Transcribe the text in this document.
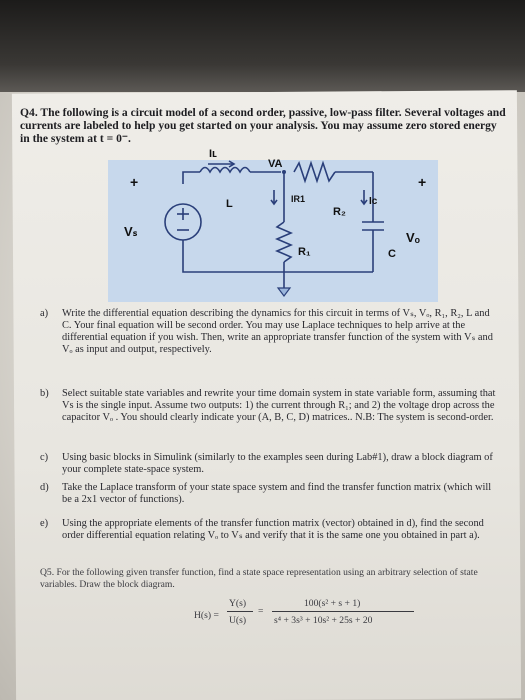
Q4. The following is a circuit model of a second order, passive, low-pass filter. Several voltages and currents are labeled to help you get started on your analysis. You may assume zero stored energy in the system at t = 0⁻.
+	+
Iʟ
VA
L	IR1
R₂
Ic
Vₛ	Vₒ
R₁	C
a) Write the differential equation describing the dynamics for this circuit in terms of Vₛ, Vₒ, R₁, R₂, L and C. Your final equation will be second order. You may use Laplace techniques to help arrive at the differential equation if you wish. Then, write an appropriate transfer function of the system with Vₛ and Vₒ as input and output, respectively.
b) Select suitable state variables and rewrite your time domain system in state variable form, assuming that Vs is the single input. Assume two outputs: 1) the current through R₁; and 2) the voltage drop across the capacitor Vₒ . You should clearly indicate your (A, B, C, D) matrices.. N.B: The system is second-order.
c) Using basic blocks in Simulink (similarly to the examples seen during Lab#1), draw a block diagram of your complete state-space system.
d) Take the Laplace transform of your state space system and find the transfer function matrix (which will be a 2x1 vector of functions).
e) Using the appropriate elements of the transfer function matrix (vector) obtained in d), find the second order differential equation relating Vₒ to Vₛ and verify that it is the same one you obtained in part a).
Q5. For the following given transfer function, find a state space representation using an arbitrary selection of state variables. Draw the block diagram.
H(s) =
Y(s)
U(s)
=
100(s² + s + 1)
s⁴ + 3s³ + 10s² + 25s + 20
